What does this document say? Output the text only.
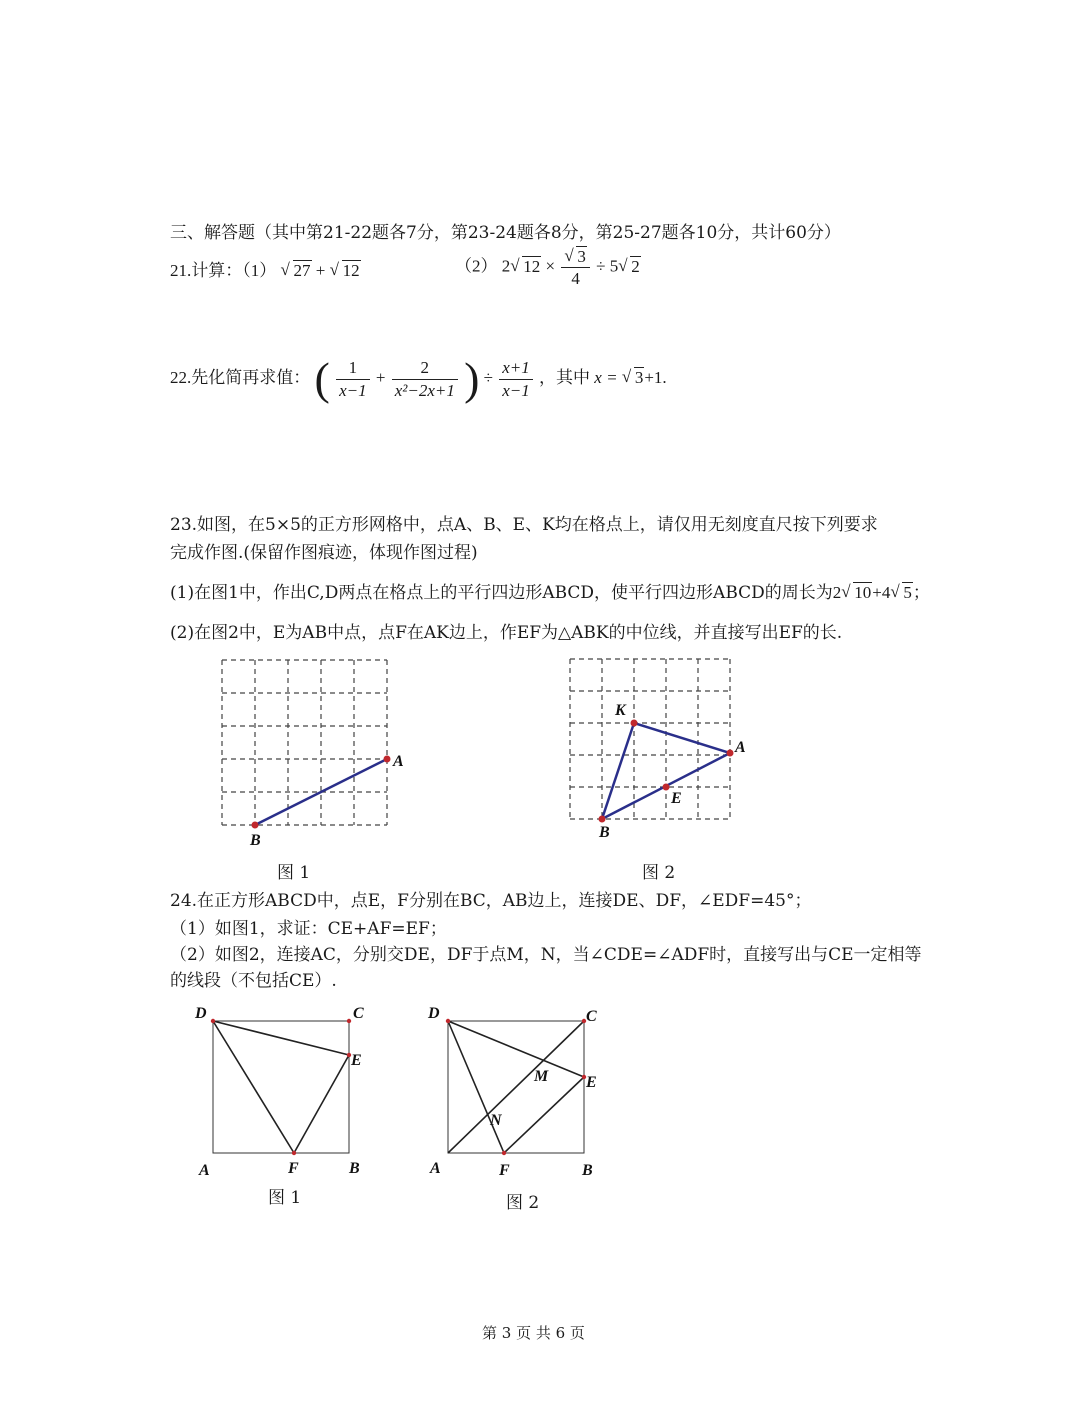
三、解答题（其中第21-22题各7分，第23-24题各8分，第25-27题各10分，共计60分）
21.计算：（1） √ 27 + √ 12	（2） 2√ 12 ×
√ $\frac{3}{4} \div 5√$ 2
22.先化简再求值： ( $\frac{1}{x-1} + \frac{2}{\text{x²−2x+1}}$ ) ÷ $\frac{x+1}{x-1}$ ，其中 x = √ 3+1.
23.如图，在5×5的正方形网格中，点A、B、E、K均在格点上，请仅用无刻度直尺按下列要求
完成作图.(保留作图痕迹，体现作图过程)
(1)在图1中，作出C,D两点在格点上的平行四边形ABCD，使平行四边形ABCD的周长为2√ 10+4√ 5；
(2)在图2中，E为AB中点，点F在AK边上，作EF为△ABK的中位线，并直接写出EF的长.
A
B
图 1
K
A
E
B
图 2
24.在正方形ABCD中，点E，F分别在BC，AB边上，连接DE、DF，∠EDF=45°；
（1）如图1，求证：CE+AF=EF；
（2）如图2，连接AC，分别交DE，DF于点M，N，当∠CDE=∠ADF时，直接写出与CE一定相等
的线段（不包括CE）.
D	C
E
A	F	B
图 1
D	C
M E
N
A	F	B
图 2
第 3 页 共 6 页
